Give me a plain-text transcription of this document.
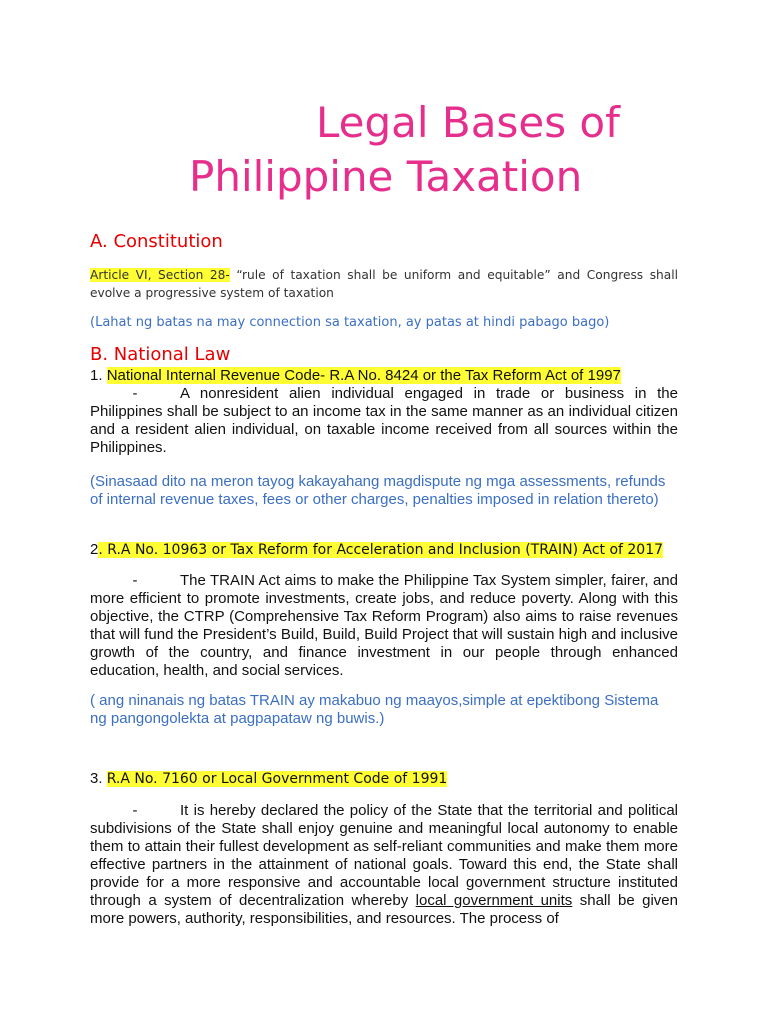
Legal Bases of
Philippine Taxation
A. Constitution
Article VI, Section 28- “rule of taxation shall be uniform and equitable” and Congress shall evolve a progressive system of taxation
(Lahat ng batas na may connection sa taxation, ay patas at hindi pabago bago)
B. National Law
1. National Internal Revenue Code- R.A No. 8424 or the Tax Reform Act of 1997
-	A nonresident alien individual engaged in trade or business in the Philippines shall be subject to an income tax in the same manner as an individual citizen and a resident alien individual, on taxable income received from all sources within the Philippines.
(Sinasaad dito na meron tayog kakayahang magdispute ng mga assessments, refunds of internal revenue taxes, fees or other charges, penalties imposed in relation thereto)
2. R.A No. 10963 or Tax Reform for Acceleration and Inclusion (TRAIN) Act of 2017
-	The TRAIN Act aims to make the Philippine Tax System simpler, fairer, and more efficient to promote investments, create jobs, and reduce poverty. Along with this objective, the CTRP (Comprehensive Tax Reform Program) also aims to raise revenues that will fund the President’s Build, Build, Build Project that will sustain high and inclusive growth of the country, and finance investment in our people through enhanced education, health, and social services.
( ang ninanais ng batas TRAIN ay makabuo ng maayos,simple at epektibong Sistema ng pangongolekta at pagpapataw ng buwis.)
3. R.A No. 7160 or Local Government Code of 1991
-	It is hereby declared the policy of the State that the territorial and political subdivisions of the State shall enjoy genuine and meaningful local autonomy to enable them to attain their fullest development as self-reliant communities and make them more effective partners in the attainment of national goals. Toward this end, the State shall provide for a more responsive and accountable local government structure instituted through a system of decentralization whereby local government units shall be given more powers, authority, responsibilities, and resources. The process of
